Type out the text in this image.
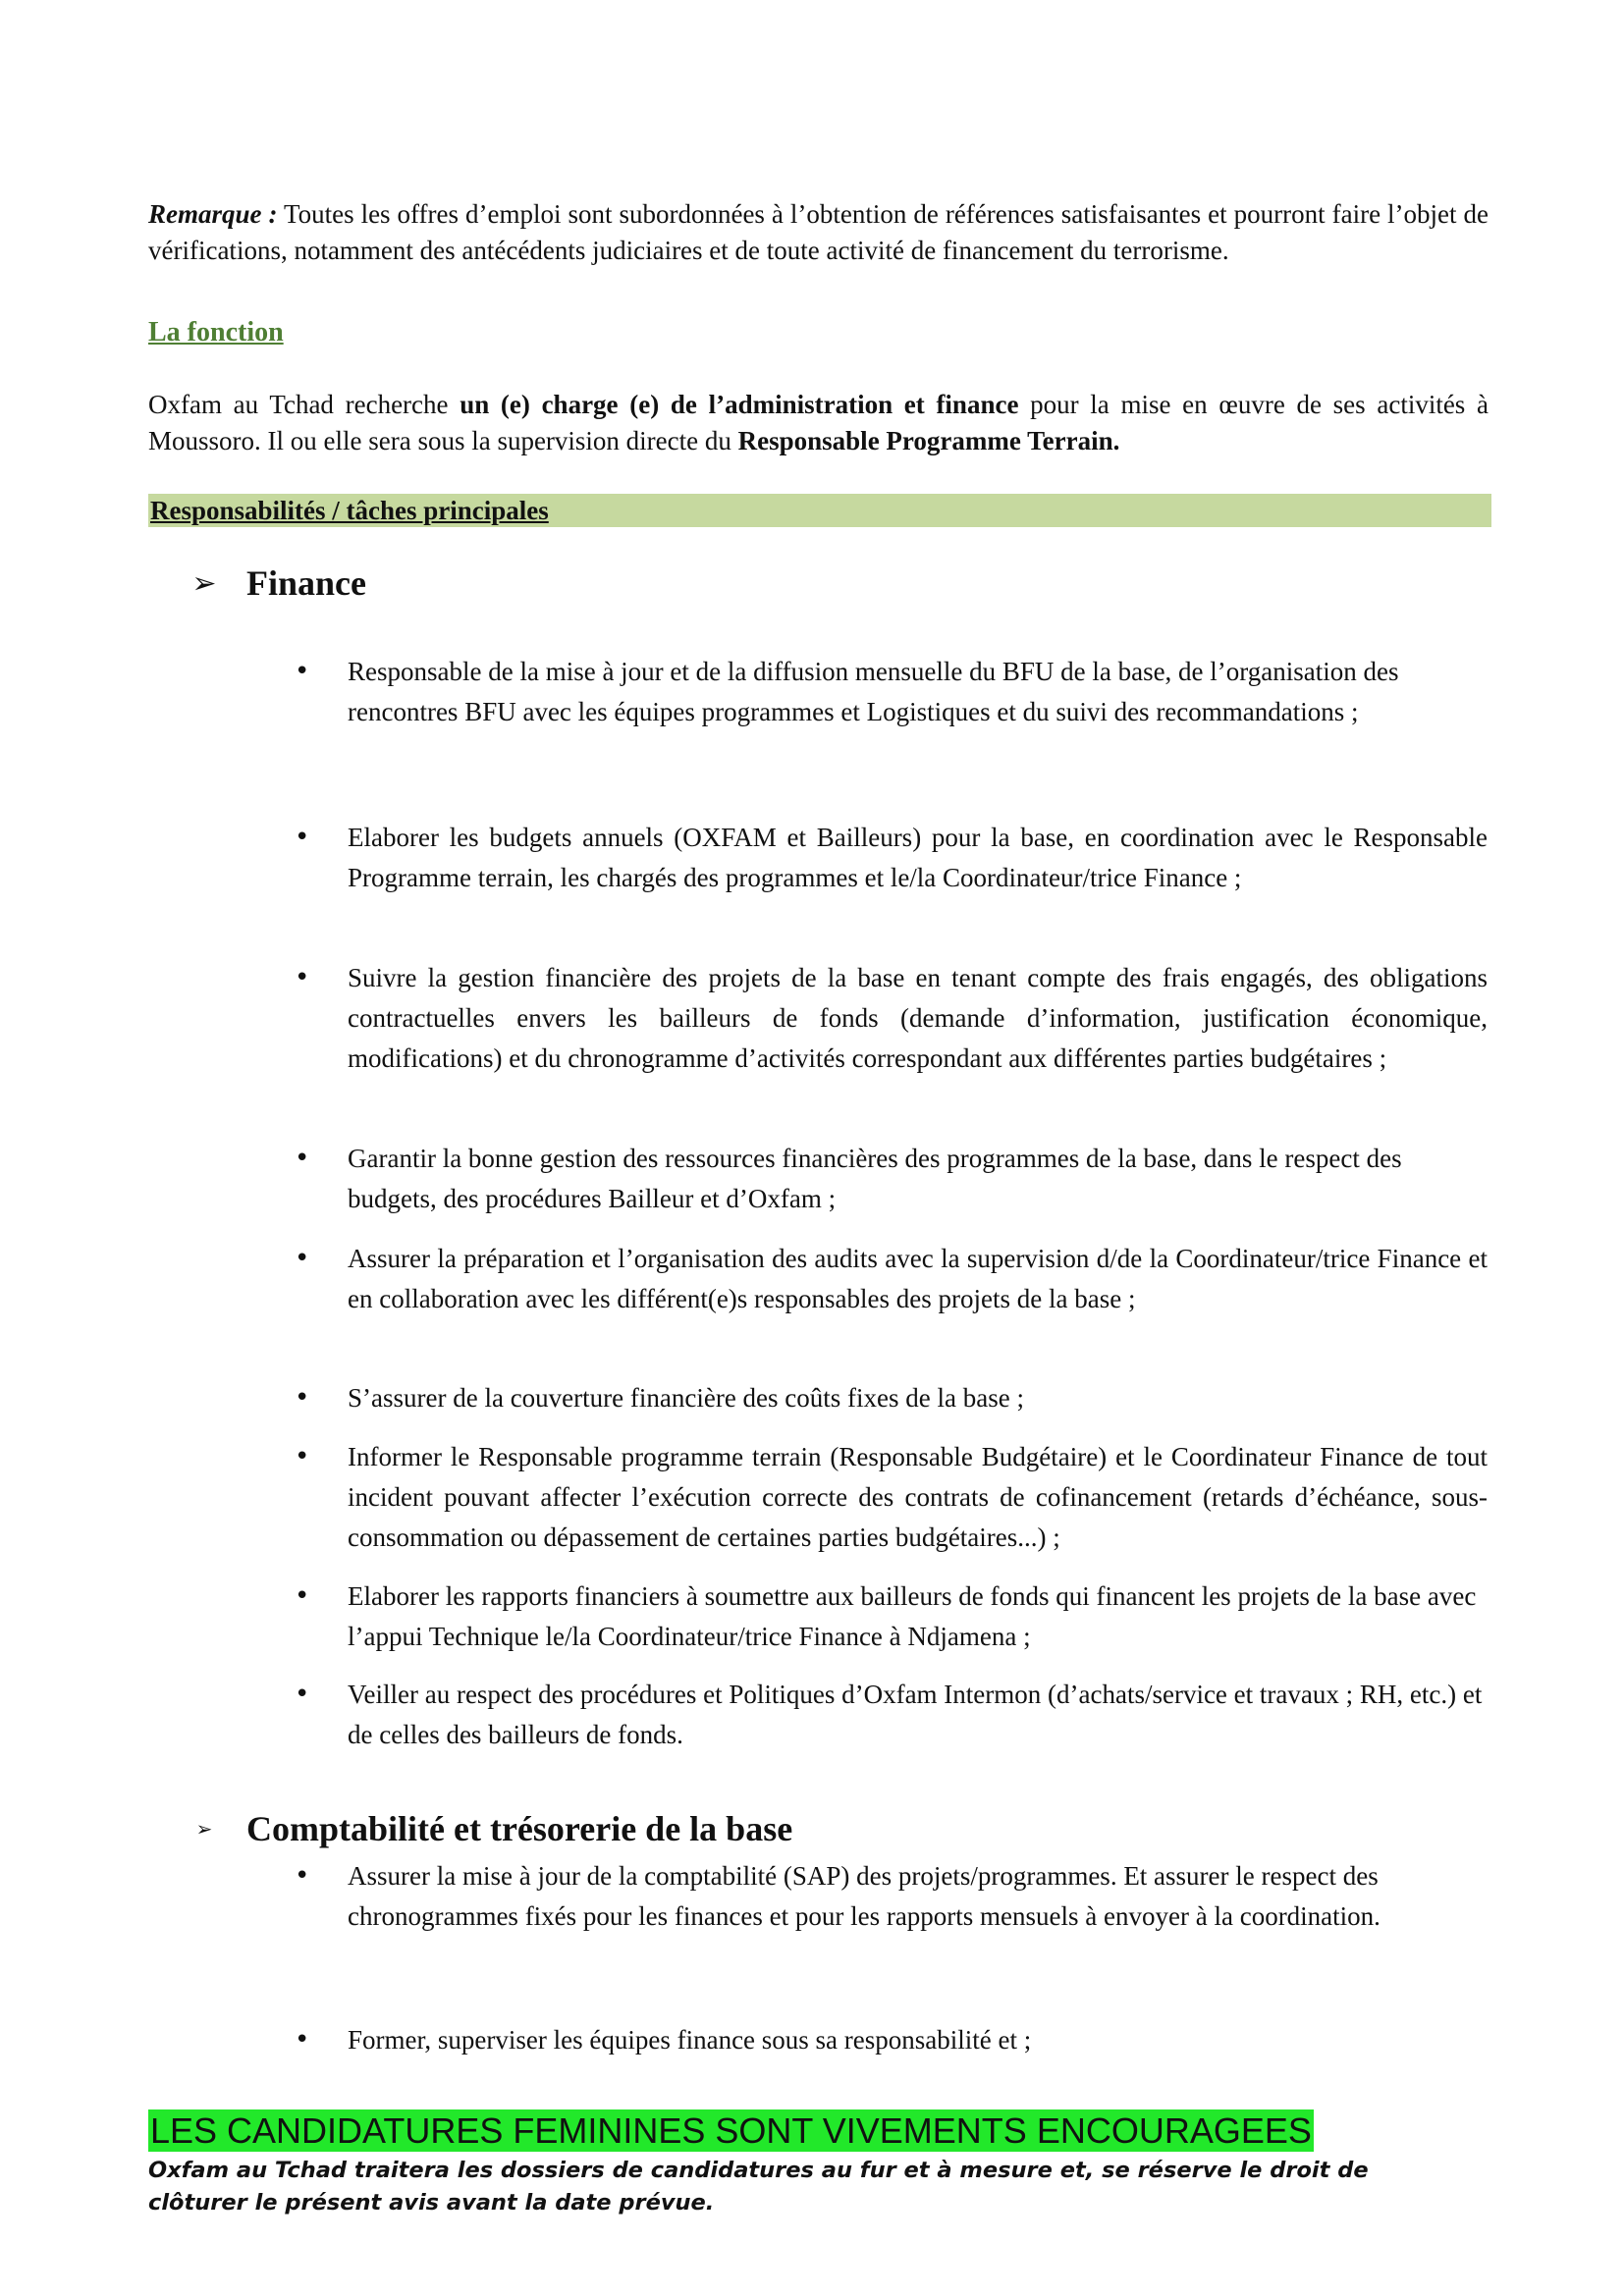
Remarque : Toutes les offres d’emploi sont subordonnées à l’obtention de références satisfaisantes et pourront faire l’objet de vérifications, notamment des antécédents judiciaires et de toute activité de financement du terrorisme.

La fonction

Oxfam au Tchad recherche un (e) charge (e) de l’administration et finance pour la mise en œuvre de ses activités à Moussoro. Il ou elle sera sous la supervision directe du Responsable Programme Terrain.

Responsabilités / tâches principales
➢ Finance
• Responsable de la mise à jour et de la diffusion mensuelle du BFU de la base, de l’organisation des rencontres BFU avec les équipes programmes et Logistiques et du suivi des recommandations ;

• Elaborer les budgets annuels (OXFAM et Bailleurs) pour la base, en coordination avec le Responsable Programme terrain, les chargés des programmes et le/la Coordinateur/trice Finance ;

• Suivre la gestion financière des projets de la base en tenant compte des frais engagés, des obligations contractuelles envers les bailleurs de fonds (demande d’information, justification économique, modifications) et du chronogramme d’activités correspondant aux différentes parties budgétaires ;

• Garantir la bonne gestion des ressources financières des programmes de la base, dans le respect des budgets, des procédures Bailleur et d’Oxfam ;

• Assurer la préparation et l’organisation des audits avec la supervision d/de la Coordinateur/trice Finance et en collaboration avec les différent(e)s responsables des projets de la base ;

• S’assurer de la couverture financière des coûts fixes de la base ;

• Informer le Responsable programme terrain (Responsable Budgétaire) et le Coordinateur Finance de tout incident pouvant affecter l’exécution correcte des contrats de cofinancement (retards d’échéance, sous-consommation ou dépassement de certaines parties budgétaires...) ;

• Elaborer les rapports financiers à soumettre aux bailleurs de fonds qui financent les projets de la base avec l’appui Technique le/la Coordinateur/trice Finance à Ndjamena ;

• Veiller au respect des procédures et Politiques d’Oxfam Intermon (d’achats/service et travaux ; RH, etc.) et de celles des bailleurs de fonds.

➢ Comptabilité et trésorerie de la base
• Assurer la mise à jour de la comptabilité (SAP) des projets/programmes. Et assurer le respect des chronogrammes fixés pour les finances et pour les rapports mensuels à envoyer à la coordination.

• Former, superviser les équipes finance sous sa responsabilité et ;

LES CANDIDATURES FEMININES SONT VIVEMENTS ENCOURAGEES

Oxfam au Tchad traitera les dossiers de candidatures au fur et à mesure et, se réserve le droit de clôturer le présent avis avant la date prévue.
